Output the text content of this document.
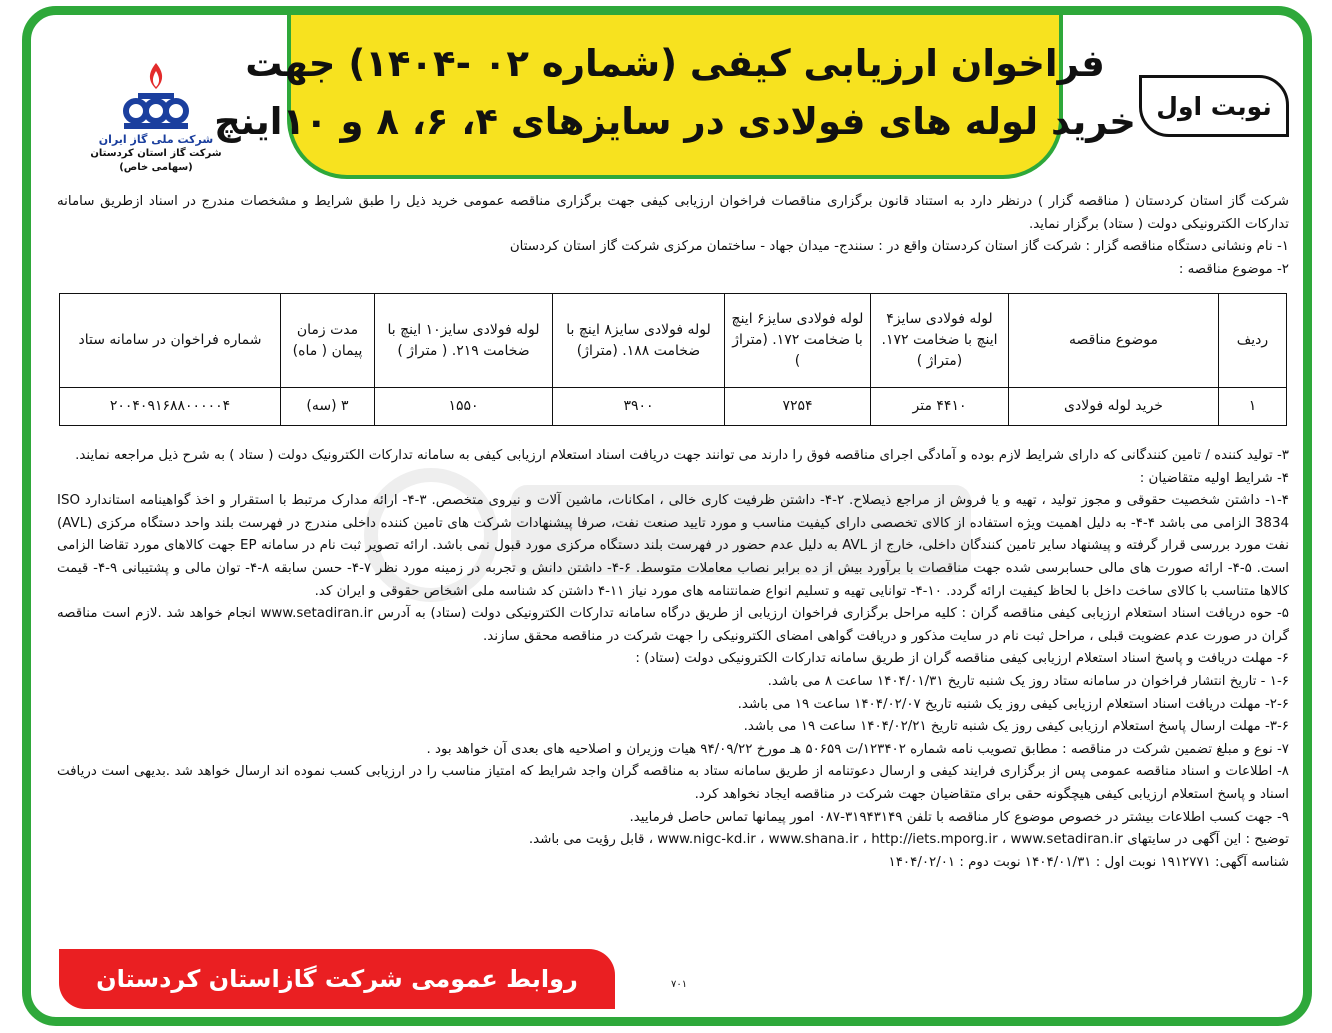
فراخوان ارزیابی کیفی (شماره ۰۲ -۱۴۰۴) جهت
خرید لوله های فولادی در سایزهای ۴، ۶، ۸ و ۱۰اینچ
شرکت ملی گاز ایران
شرکت گاز استان کردستان
(سهامی خاص)
نوبت اول

شرکت گاز استان کردستان ( مناقصه گزار ) درنظر دارد به استناد قانون برگزاری مناقصات فراخوان ارزیابی کیفی جهت برگزاری مناقصه عمومی خرید ذیل را طبق شرایط و مشخصات مندرج در اسناد ازطریق سامانه تدارکات الکترونیکی دولت ( ستاد) برگزار نماید.

۱- نام ونشانی دستگاه مناقصه گزار : شرکت گاز استان کردستان واقع در : سنندج- میدان جهاد - ساختمان مرکزی شرکت گاز استان کردستان

۲- موضوع مناقصه :

ردیف	موضوع مناقصه	لوله فولادی سایز۴ اینچ با ضخامت ۱۷۲. (متراژ )	لوله فولادی سایز۶ اینچ با ضخامت ۱۷۲. (متراژ )	لوله فولادی سایز۸ اینچ با ضخامت ۱۸۸. (متراژ)	لوله فولادی سایز۱۰ اینچ با ضخامت ۲۱۹. ( متراژ )	مدت زمان پیمان ( ماه)	شماره فراخوان در سامانه ستاد
۱	خرید لوله فولادی	۴۴۱۰ متر	۷۲۵۴	۳۹۰۰	۱۵۵۰	۳ (سه)	۲۰۰۴۰۹۱۶۸۸۰۰۰۰۰۴

۳- تولید کننده / تامین کنندگانی که دارای شرایط لازم بوده و آمادگی اجرای مناقصه فوق را دارند می توانند جهت دریافت اسناد استعلام ارزیابی کیفی به سامانه تدارکات الکترونیک دولت ( ستاد ) به شرح ذیل مراجعه نمایند.

۴- شرایط اولیه متقاضیان :

۱-۴- داشتن شخصیت حقوقی و مجوز تولید ، تهیه و یا فروش از مراجع ذیصلاح. ۲-۴- داشتن ظرفیت کاری خالی ، امکانات، ماشین آلات و نیروی متخصص. ۳-۴- ارائه مدارک مرتبط با استقرار و اخذ گواهینامه استاندارد ISO 3834 الزامی می باشد ۴-۴- به دلیل اهمیت ویژه استفاده از کالای تخصصی دارای کیفیت مناسب و مورد تایید صنعت نفت، صرفا پیشنهادات شرکت های تامین کننده داخلی مندرج در فهرست بلند واحد دستگاه مرکزی (AVL) نفت مورد بررسی قرار گرفته و پیشنهاد سایر تامین کنندگان داخلی، خارج از AVL به دلیل عدم حضور در فهرست بلند دستگاه مرکزی مورد قبول نمی باشد. ارائه تصویر ثبت نام در سامانه EP جهت کالاهای مورد تقاضا الزامی است. ۵-۴- ارائه صورت های مالی حسابرسی شده جهت مناقصات با برآورد بیش از ده برابر نصاب معاملات متوسط. ۶-۴- داشتن دانش و تجربه در زمینه مورد نظر ۷-۴- حسن سابقه ۸-۴- توان مالی و پشتیبانی ۹-۴- قیمت کالاها متناسب با کالای ساخت داخل با لحاظ کیفیت ارائه گردد. ۱۰-۴- توانایی تهیه و تسلیم انواع ضمانتنامه های مورد نیاز ۱۱-۴ داشتن کد شناسه ملی اشخاص حقوقی و ایران کد.

۵- حوه دریافت اسناد استعلام ارزیابی کیفی مناقصه گران : کلیه مراحل برگزاری فراخوان ارزیابی از طریق درگاه سامانه تدارکات الکترونیکی دولت (ستاد) به آدرس www.setadiran.ir انجام خواهد شد .لازم است مناقصه گران در صورت عدم عضویت قبلی ، مراحل ثبت نام در سایت مذکور و دریافت گواهی امضای الکترونیکی را جهت شرکت در مناقصه محقق سازند.

۶- مهلت دریافت و پاسخ اسناد استعلام ارزیابی کیفی مناقصه گران از طریق سامانه تدارکات الکترونیکی دولت (ستاد) :

۱-۶ - تاریخ انتشار فراخوان در سامانه ستاد روز یک شنبه تاریخ ۱۴۰۴/۰۱/۳۱ ساعت ۸ می باشد.

۲-۶- مهلت دریافت اسناد استعلام ارزیابی کیفی روز یک شنبه تاریخ ۱۴۰۴/۰۲/۰۷ ساعت ۱۹ می باشد.

۳-۶- مهلت ارسال پاسخ استعلام ارزیابی کیفی روز یک شنبه تاریخ ۱۴۰۴/۰۲/۲۱ ساعت ۱۹ می باشد.

۷- نوع و مبلغ تضمین شرکت در مناقصه : مطابق تصویب نامه شماره ۱۲۳۴۰۲/ت ۵۰۶۵۹ هـ مورخ ۹۴/۰۹/۲۲ هیات وزیران و اصلاحیه های بعدی آن خواهد بود .

۸- اطلاعات و اسناد مناقصه عمومی پس از برگزاری فرایند کیفی و ارسال دعوتنامه از طریق سامانه ستاد به مناقصه گران واجد شرایط که امتیاز مناسب را در ارزیابی کسب نموده اند ارسال خواهد شد .بدیهی است دریافت اسناد و پاسخ استعلام ارزیابی کیفی هیچگونه حقی برای متقاضیان جهت شرکت در مناقصه ایجاد نخواهد کرد.

۹- جهت کسب اطلاعات بیشتر در خصوص موضوع کار مناقصه با تلفن ۳۱۹۴۳۱۴۹-۰۸۷ امور پیمانها تماس حاصل فرمایید.

توضیح : این آگهی در سایتهای www.nigc-kd.ir ، www.shana.ir ، http://iets.mporg.ir ، www.setadiran.ir ، قابل رؤیت می باشد.

شناسه آگهی: ۱۹۱۲۷۷۱ نوبت اول : ۱۴۰۴/۰۱/۳۱ نوبت دوم : ۱۴۰۴/۰۲/۰۱

روابط عمومی شرکت گازاستان کردستان	۷۰۱
